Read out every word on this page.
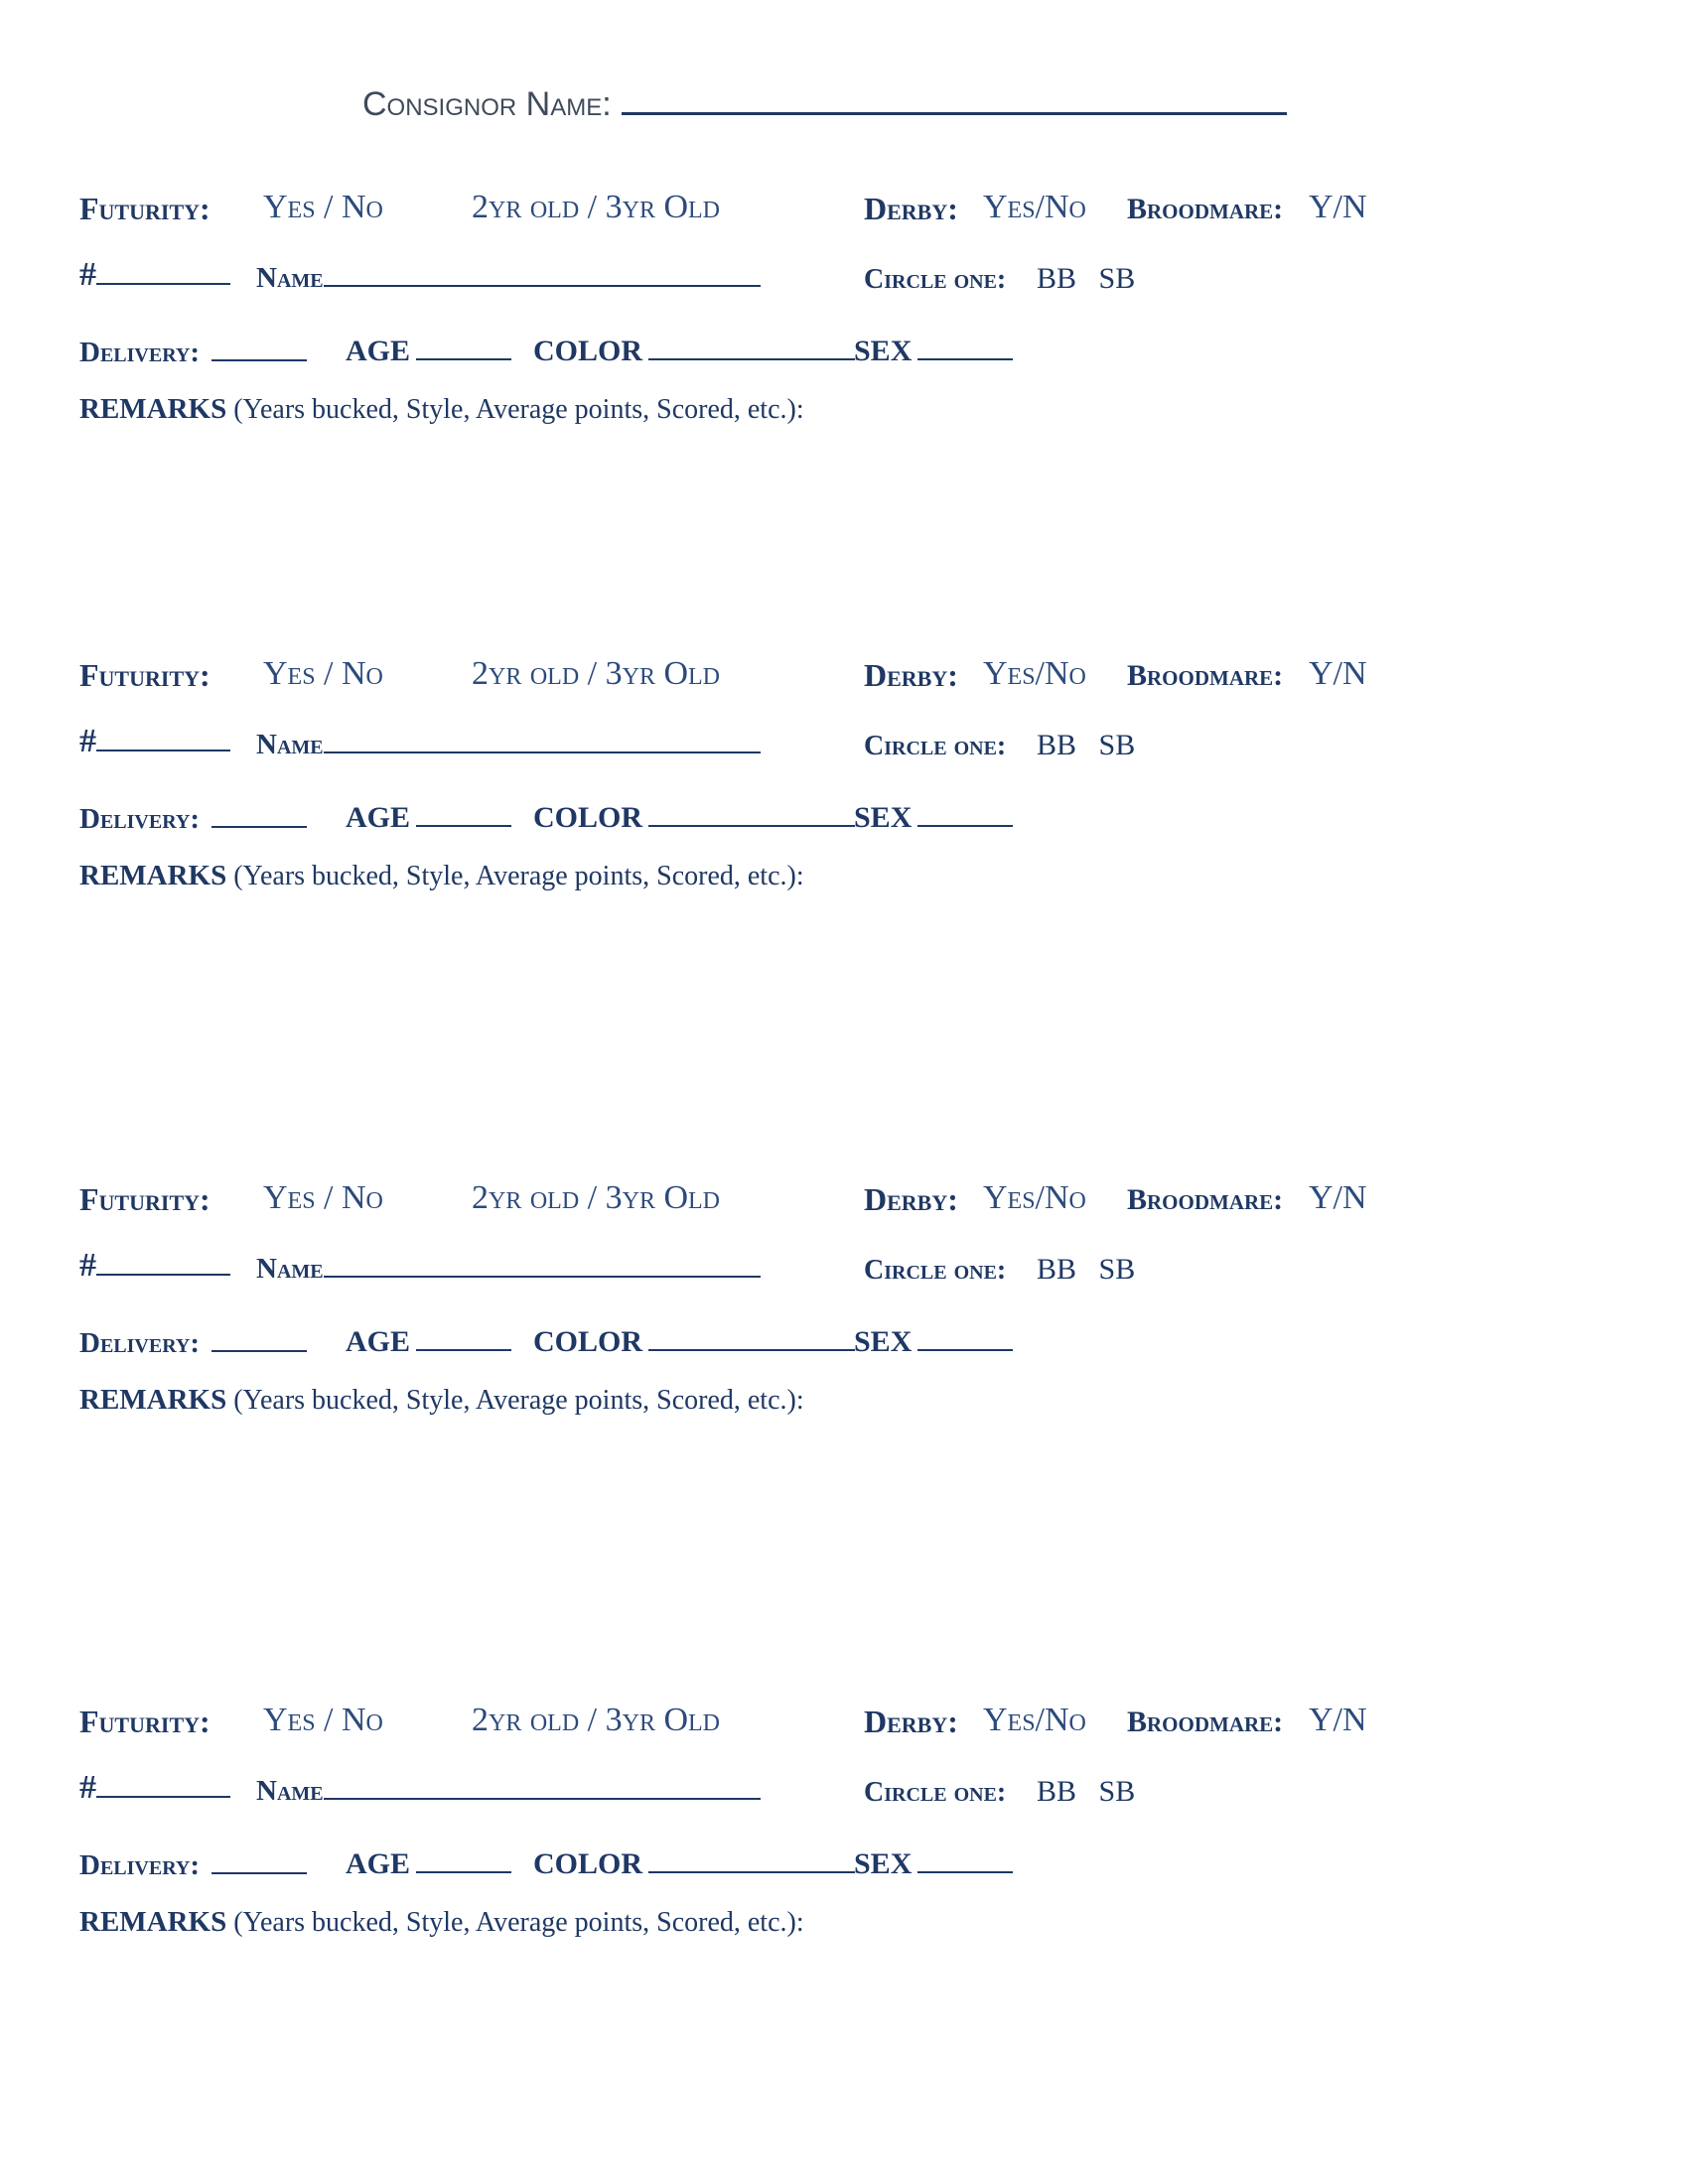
Consignor Name:
Futurity: Yes / No	2yr old / 3yr Old	Derby: Yes/No Broodmare: Y/N
#	Name	Circle one: BB   SB
Delivery:	AGE	COLOR	SEX
REMARKS (Years bucked, Style, Average points, Scored, etc.):
Futurity: Yes / No	2yr old / 3yr Old	Derby: Yes/No Broodmare: Y/N
#	Name	Circle one: BB   SB
Delivery:	AGE	COLOR	SEX
REMARKS (Years bucked, Style, Average points, Scored, etc.):
Futurity: Yes / No	2yr old / 3yr Old	Derby: Yes/No Broodmare: Y/N
#	Name	Circle one: BB   SB
Delivery:	AGE	COLOR	SEX
REMARKS (Years bucked, Style, Average points, Scored, etc.):
Futurity: Yes / No	2yr old / 3yr Old	Derby: Yes/No Broodmare: Y/N
#	Name	Circle one: BB   SB
Delivery:	AGE	COLOR	SEX
REMARKS (Years bucked, Style, Average points, Scored, etc.):
